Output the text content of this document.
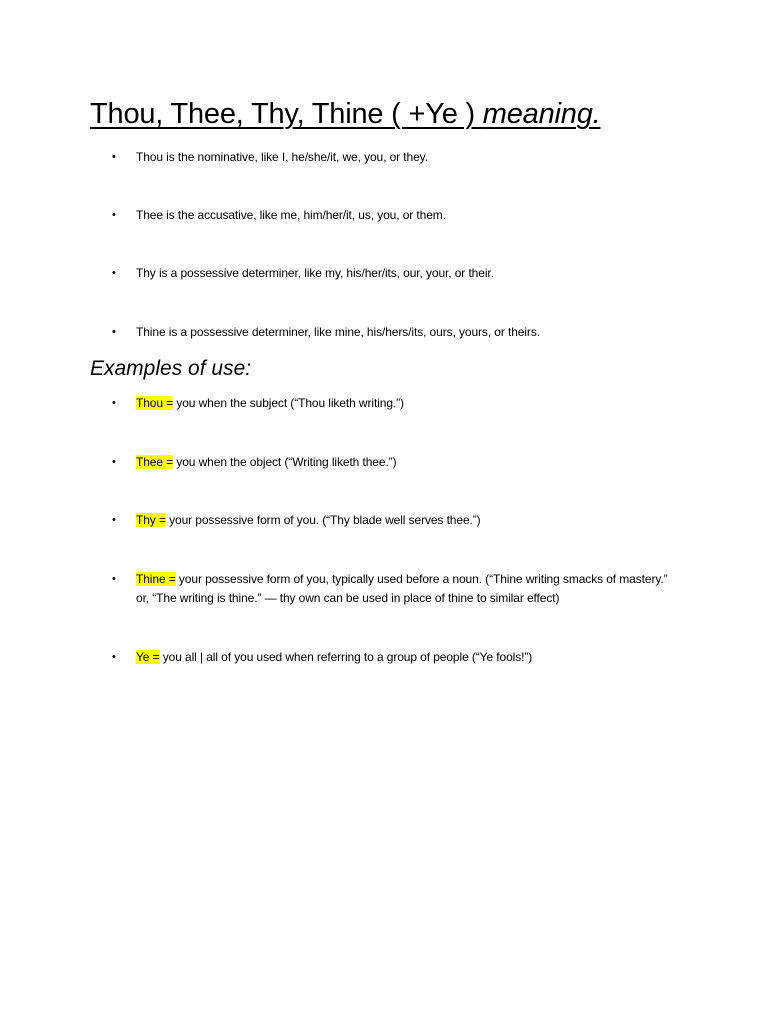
Thou, Thee, Thy, Thine ( +Ye ) meaning.
•	Thou is the nominative, like I, he/she/it, we, you, or they.
•	Thee is the accusative, like me, him/her/it, us, you, or them.
•	Thy is a possessive determiner, like my, his/her/its, our, your, or their.
•	Thine is a possessive determiner, like mine, his/hers/its, ours, yours, or theirs.
Examples of use:
•	Thou = you when the subject (“Thou liketh writing.”)
•	Thee = you when the object (“Writing liketh thee.”)
•	Thy = your possessive form of you. (“Thy blade well serves thee.”)
•	Thine = your possessive form of you, typically used before a noun. (“Thine writing smacks of mastery.” or, “The writing is thine.” — thy own can be used in place of thine to similar effect)
•	Ye = you all | all of you used when referring to a group of people (“Ye fools!”)
